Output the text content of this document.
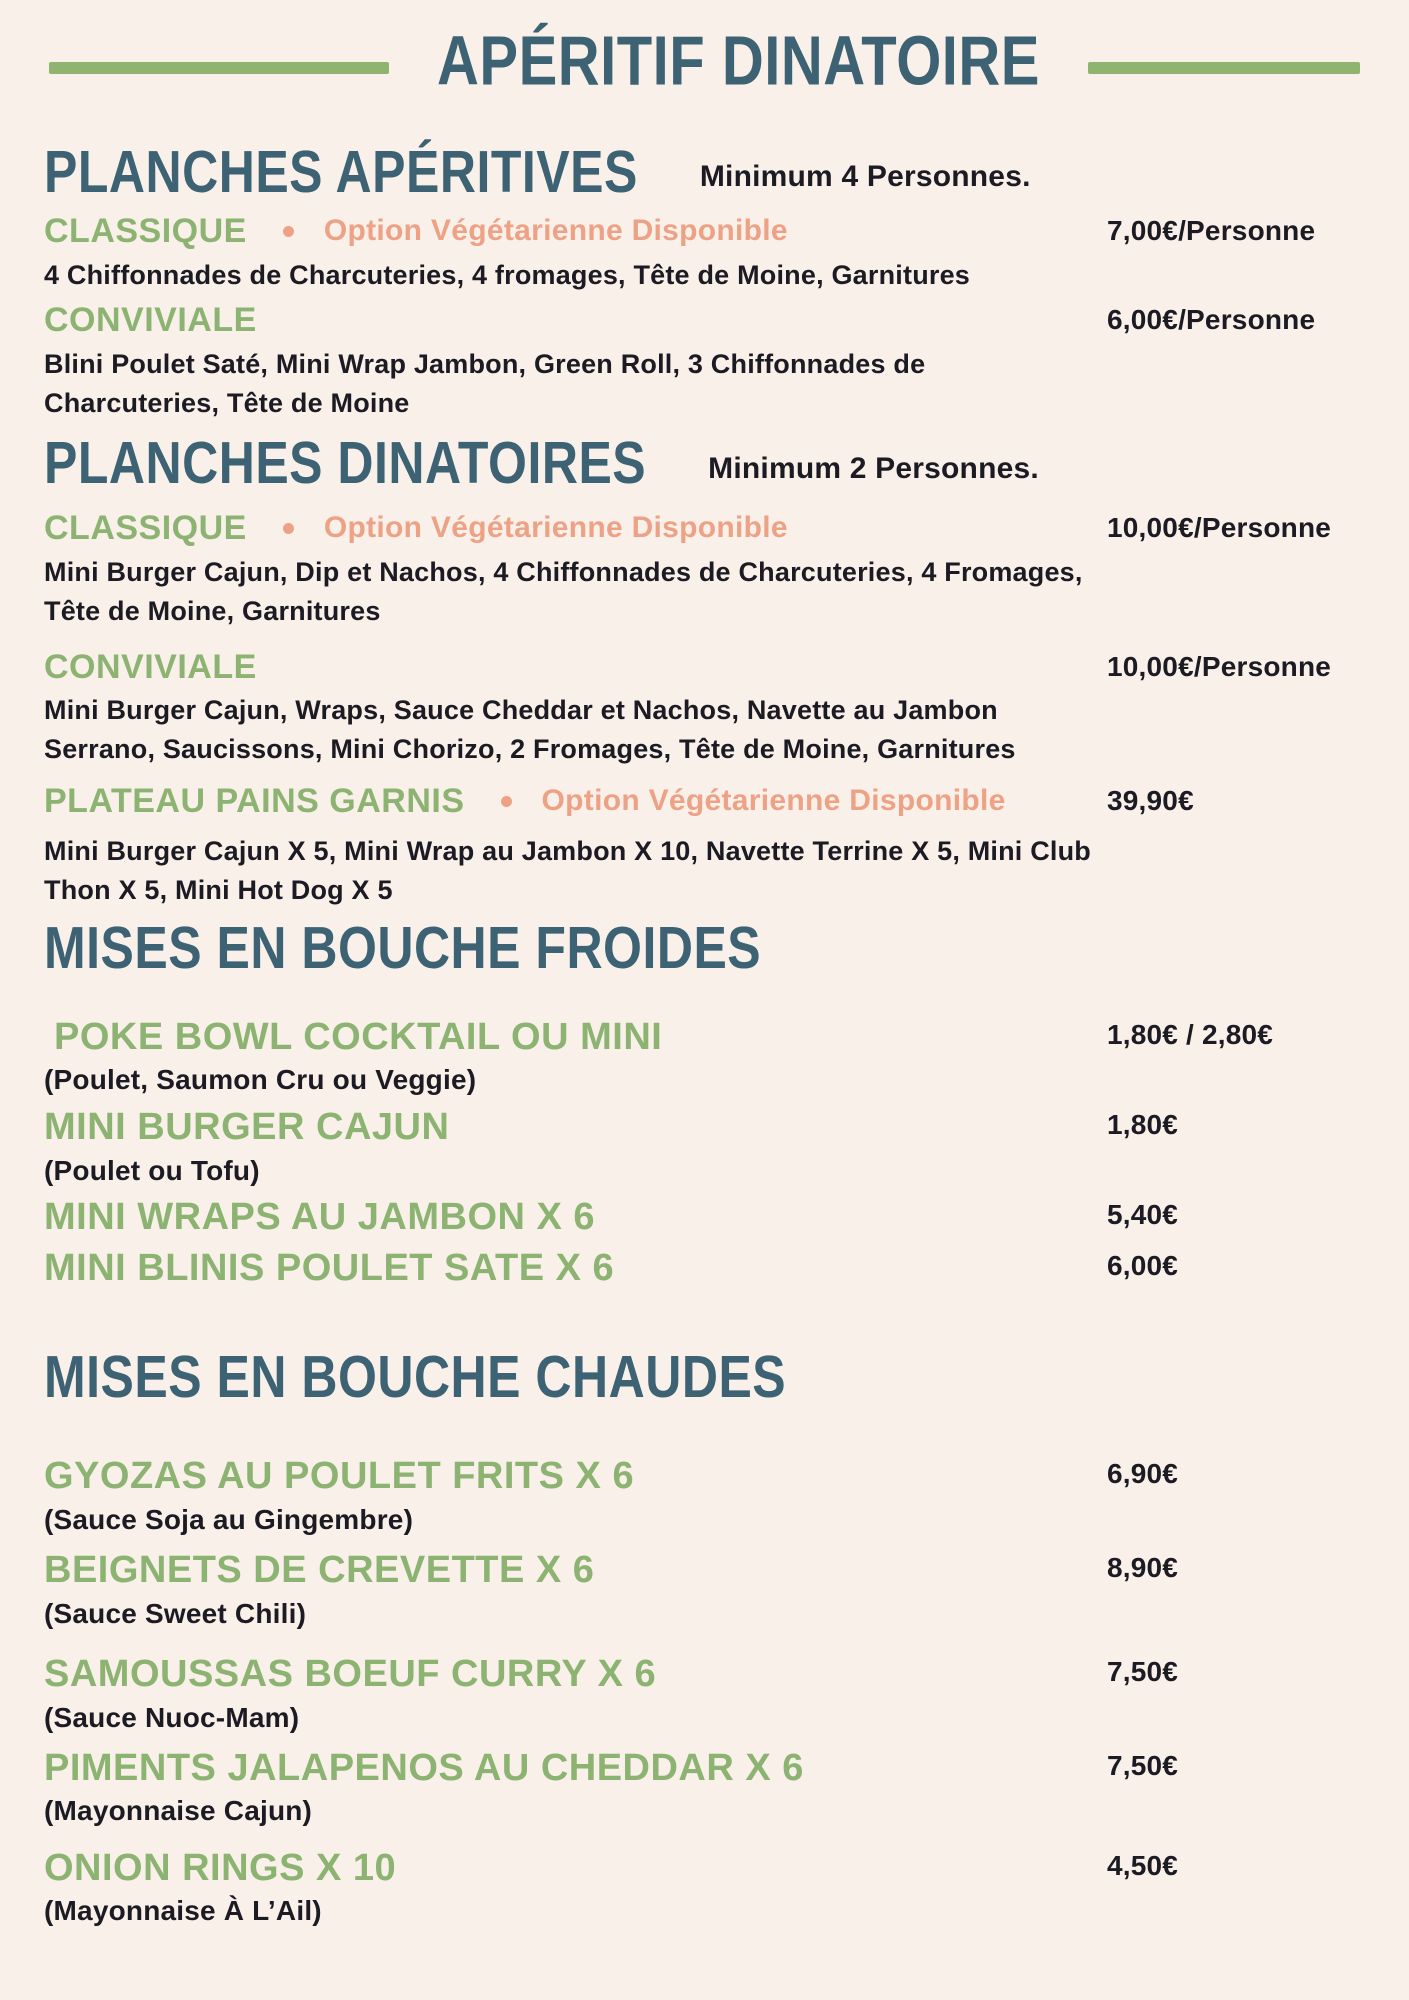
APÉRITIF DINATOIRE
PLANCHES APÉRITIVES Minimum 4 Personnes.
CLASSIQUE	Option Végétarienne Disponible	7,00€/Personne

4 Chiffonnades de Charcuteries, 4 fromages, Tête de Moine, Garnitures

CONVIVIALE	6,00€/Personne

Blini Poulet Saté, Mini Wrap Jambon, Green Roll, 3 Chiffonnades de Charcuteries, Tête de Moine

PLANCHES DINATOIRES Minimum 2 Personnes.
CLASSIQUE	Option Végétarienne Disponible	10,00€/Personne

Mini Burger Cajun, Dip et Nachos, 4 Chiffonnades de Charcuteries, 4 Fromages, Tête de Moine, Garnitures

CONVIVIALE	10,00€/Personne

Mini Burger Cajun, Wraps, Sauce Cheddar et Nachos, Navette au Jambon Serrano, Saucissons, Mini Chorizo, 2 Fromages, Tête de Moine, Garnitures

PLATEAU PAINS GARNIS	Option Végétarienne Disponible	39,90€

Mini Burger Cajun X 5, Mini Wrap au Jambon X 10, Navette Terrine X 5, Mini Club Thon X 5, Mini Hot Dog X 5

MISES EN BOUCHE FROIDES
POKE BOWL COCKTAIL OU MINI	1,80€ / 2,80€

(Poulet, Saumon Cru ou Veggie)

MINI BURGER CAJUN	1,80€

(Poulet ou Tofu)

MINI WRAPS AU JAMBON X 6	5,40€
MINI BLINIS POULET SATE X 6	6,00€
MISES EN BOUCHE CHAUDES
GYOZAS AU POULET FRITS X 6	6,90€

(Sauce Soja au Gingembre)

BEIGNETS DE CREVETTE X 6	8,90€

(Sauce Sweet Chili)

SAMOUSSAS BOEUF CURRY X 6	7,50€

(Sauce Nuoc-Mam)

PIMENTS JALAPENOS AU CHEDDAR X 6	7,50€

(Mayonnaise Cajun)

ONION RINGS X 10	4,50€

(Mayonnaise À L’Ail)
